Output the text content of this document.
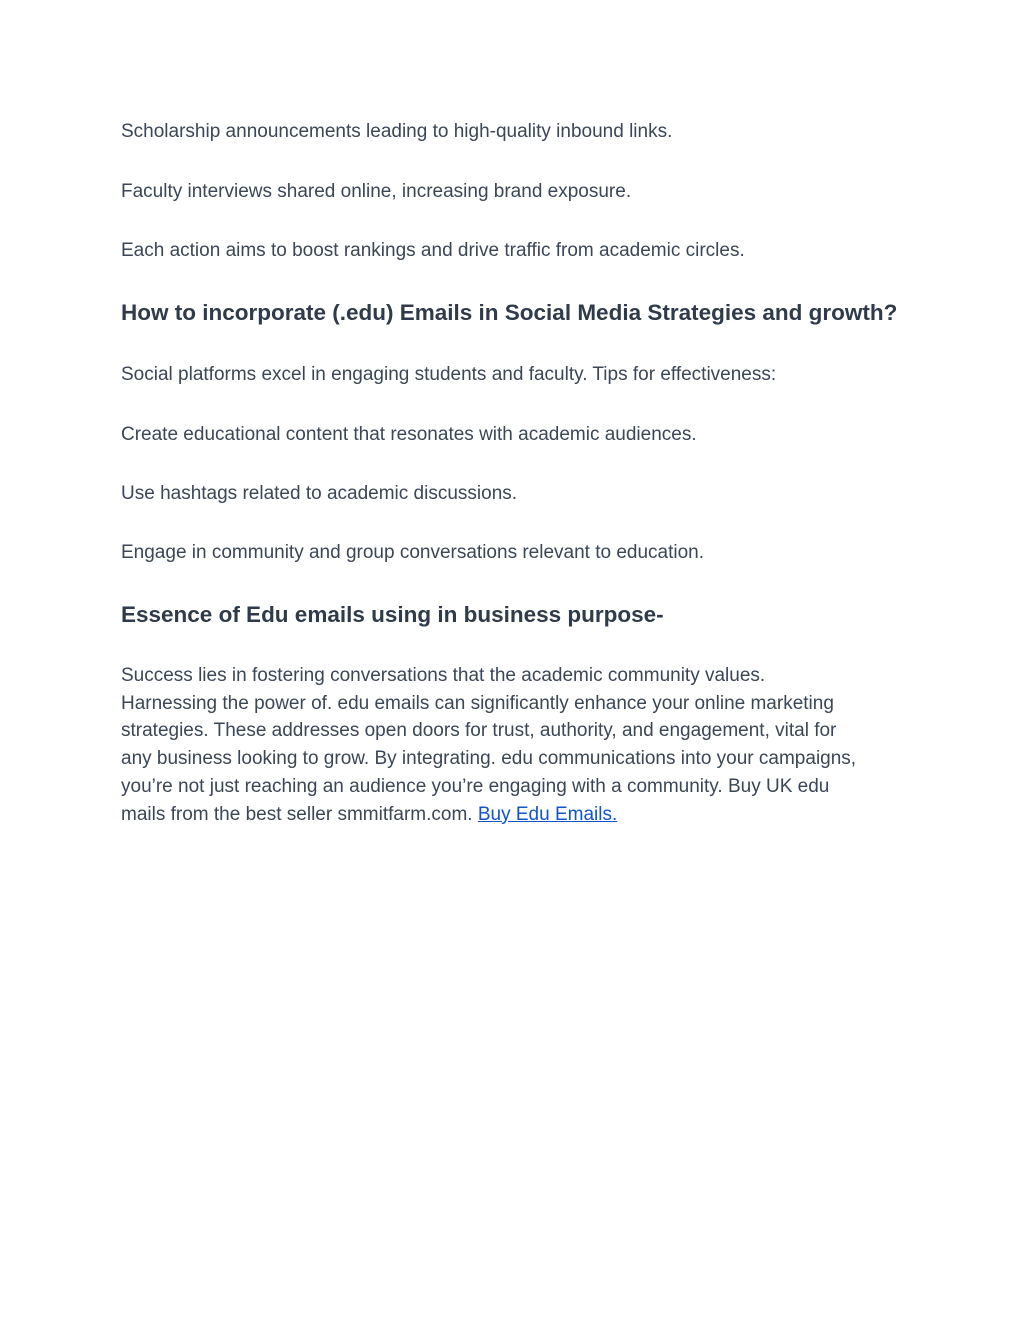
Scholarship announcements leading to high-quality inbound links.

Faculty interviews shared online, increasing brand exposure.

Each action aims to boost rankings and drive traffic from academic circles.

How to incorporate (.edu) Emails in Social Media Strategies and growth?

Social platforms excel in engaging students and faculty. Tips for effectiveness:

Create educational content that resonates with academic audiences.

Use hashtags related to academic discussions.

Engage in community and group conversations relevant to education.

Essence of Edu emails using in business purpose-

Success lies in fostering conversations that the academic community values.
Harnessing the power of. edu emails can significantly enhance your online marketing
strategies. These addresses open doors for trust, authority, and engagement, vital for
any business looking to grow. By integrating. edu communications into your campaigns,
you’re not just reaching an audience you’re engaging with a community. Buy UK edu
mails from the best seller smmitfarm.com. Buy Edu Emails.
